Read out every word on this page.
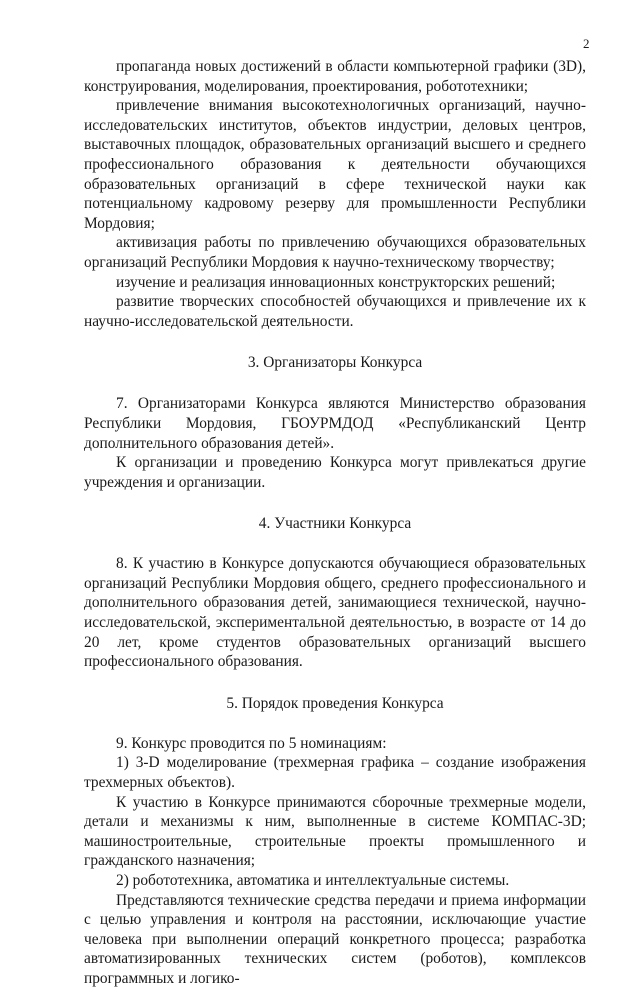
2

пропаганда новых достижений в области компьютерной графики (3D), конструирования, моделирования, проектирования, робототехники;

привлечение внимания высокотехнологичных организаций, научно-исследовательских институтов, объектов индустрии, деловых центров, выставочных площадок, образовательных организаций высшего и среднего профессионального образования к деятельности обучающихся образовательных организаций в сфере технической науки как потенциальному кадровому резерву для промышленности Республики Мордовия;

активизация работы по привлечению обучающихся образовательных организаций Республики Мордовия к научно-техническому творчеству;

изучение и реализация инновационных конструкторских решений;

развитие творческих способностей обучающихся и привлечение их к научно-исследовательской деятельности.

3. Организаторы Конкурса

7. Организаторами Конкурса являются Министерство образования Республики Мордовия, ГБОУРМДОД «Республиканский Центр дополнительного образования детей».

К организации и проведению Конкурса могут привлекаться другие учреждения и организации.

4. Участники Конкурса

8. К участию в Конкурсе допускаются обучающиеся образовательных организаций Республики Мордовия общего, среднего профессионального и дополнительного образования детей, занимающиеся технической, научно-исследовательской, экспериментальной деятельностью, в возрасте от 14 до 20 лет, кроме студентов образовательных организаций высшего профессионального образования.

5. Порядок проведения Конкурса

9. Конкурс проводится по 5 номинациям:

1) 3-D моделирование (трехмерная графика – создание изображения трехмерных объектов).

К участию в Конкурсе принимаются сборочные трехмерные модели, детали и механизмы к ним, выполненные в системе КОМПАС-3D; машиностроительные, строительные проекты промышленного и гражданского назначения;

2) робототехника, автоматика и интеллектуальные системы.

Представляются технические средства передачи и приема информации с целью управления и контроля на расстоянии, исключающие участие человека при выполнении операций конкретного процесса; разработка автоматизированных технических систем (роботов), комплексов программных и логико-
